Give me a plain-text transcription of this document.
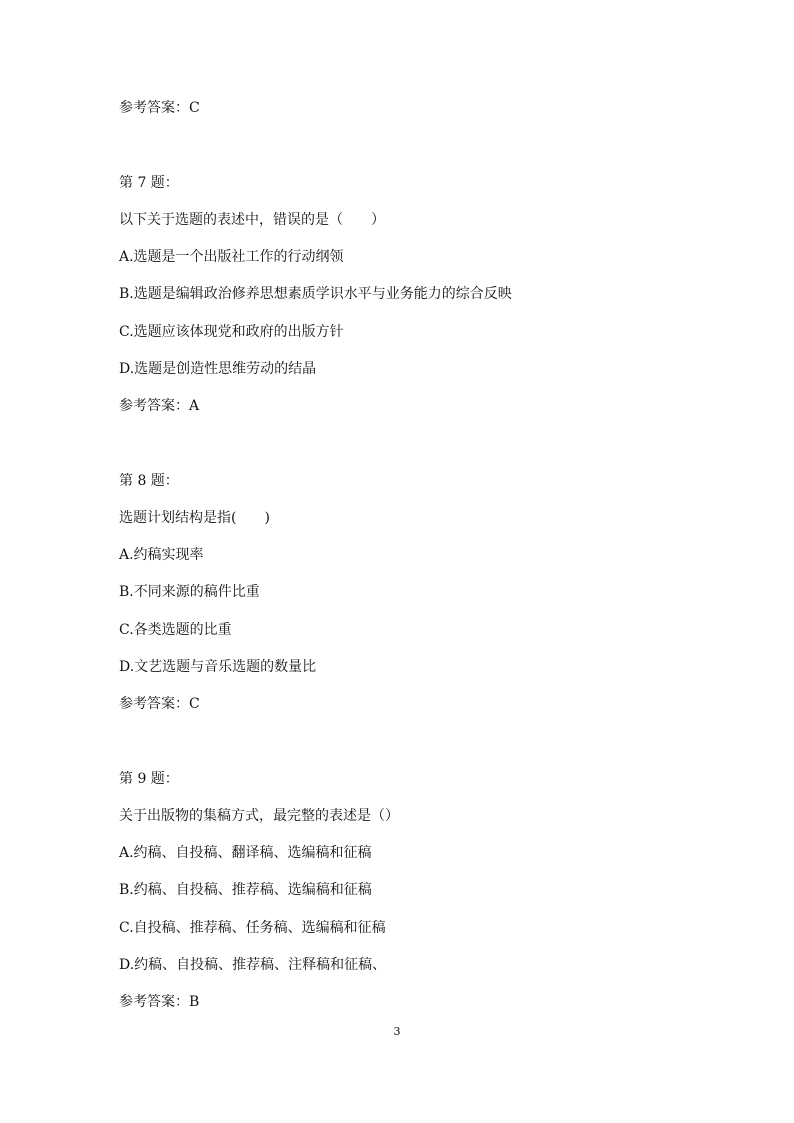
参考答案：C
第 7 题：
以下关于选题的表述中，错误的是（　　）
A.选题是一个出版社工作的行动纲领
B.选题是编辑政治修养思想素质学识水平与业务能力的综合反映
C.选题应该体现党和政府的出版方针
D.选题是创造性思维劳动的结晶
参考答案：A
第 8 题：
选题计划结构是指(　　)
A.约稿实现率
B.不同来源的稿件比重
C.各类选题的比重
D.文艺选题与音乐选题的数量比
参考答案：C
第 9 题：
关于出版物的集稿方式，最完整的表述是（）
A.约稿、自投稿、翻译稿、选编稿和征稿
B.约稿、自投稿、推荐稿、选编稿和征稿
C.自投稿、推荐稿、任务稿、选编稿和征稿
D.约稿、自投稿、推荐稿、注释稿和征稿、
参考答案：B
3
